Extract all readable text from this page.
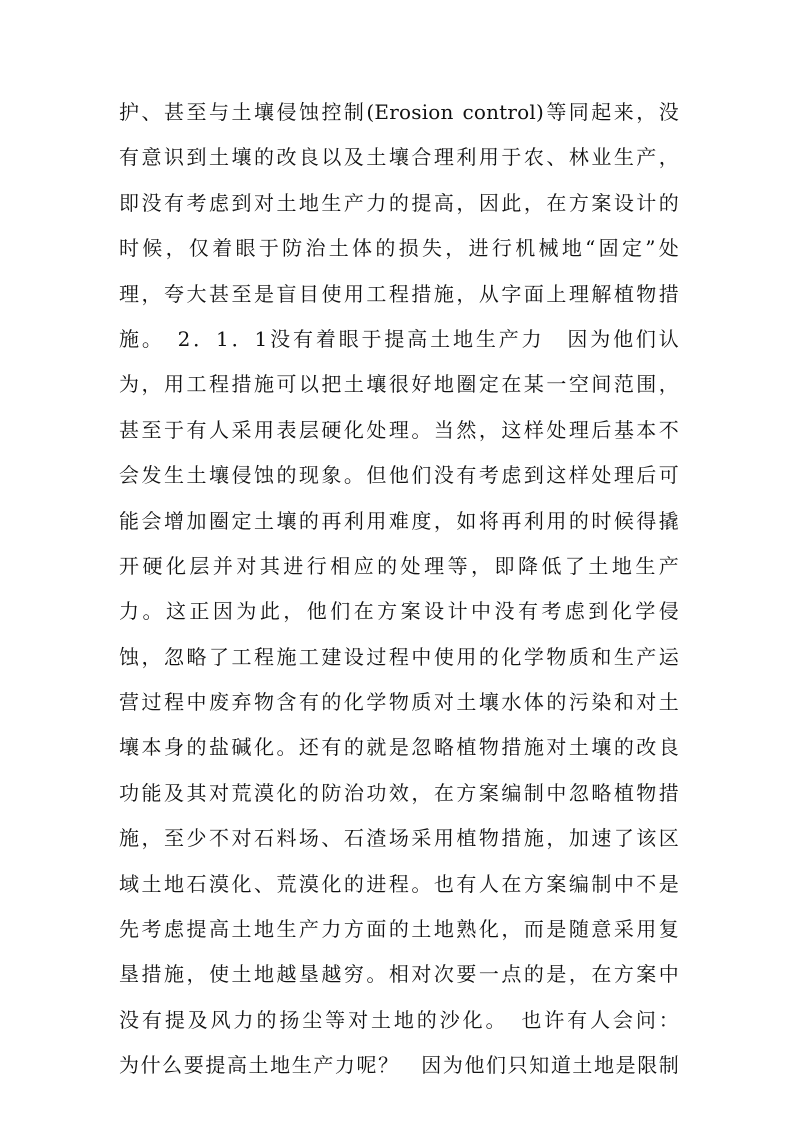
护、甚至与土壤侵蚀控制(Erosion control)等同起来，没
有意识到土壤的改良以及土壤合理利用于农、林业生产，
即没有考虑到对土地生产力的提高，因此，在方案设计的
时候，仅着眼于防治土体的损失，进行机械地“固定”处
理，夸大甚至是盲目使用工程措施，从字面上理解植物措
施。　2．1．1没有着眼于提高土地生产力　因为他们认
为，用工程措施可以把土壤很好地圈定在某一空间范围，
甚至于有人采用表层硬化处理。当然，这样处理后基本不
会发生土壤侵蚀的现象。但他们没有考虑到这样处理后可
能会增加圈定土壤的再利用难度，如将再利用的时候得撬
开硬化层并对其进行相应的处理等，即降低了土地生产
力。这正因为此，他们在方案设计中没有考虑到化学侵
蚀，忽略了工程施工建设过程中使用的化学物质和生产运
营过程中废弃物含有的化学物质对土壤水体的污染和对土
壤本身的盐碱化。还有的就是忽略植物措施对土壤的改良
功能及其对荒漠化的防治功效，在方案编制中忽略植物措
施，至少不对石料场、石渣场采用植物措施，加速了该区
域土地石漠化、荒漠化的进程。也有人在方案编制中不是
先考虑提高土地生产力方面的土地熟化，而是随意采用复
垦措施，使土地越垦越穷。相对次要一点的是，在方案中
没有提及风力的扬尘等对土地的沙化。　也许有人会问：
为什么要提高土地生产力呢？　因为他们只知道土地是限制
